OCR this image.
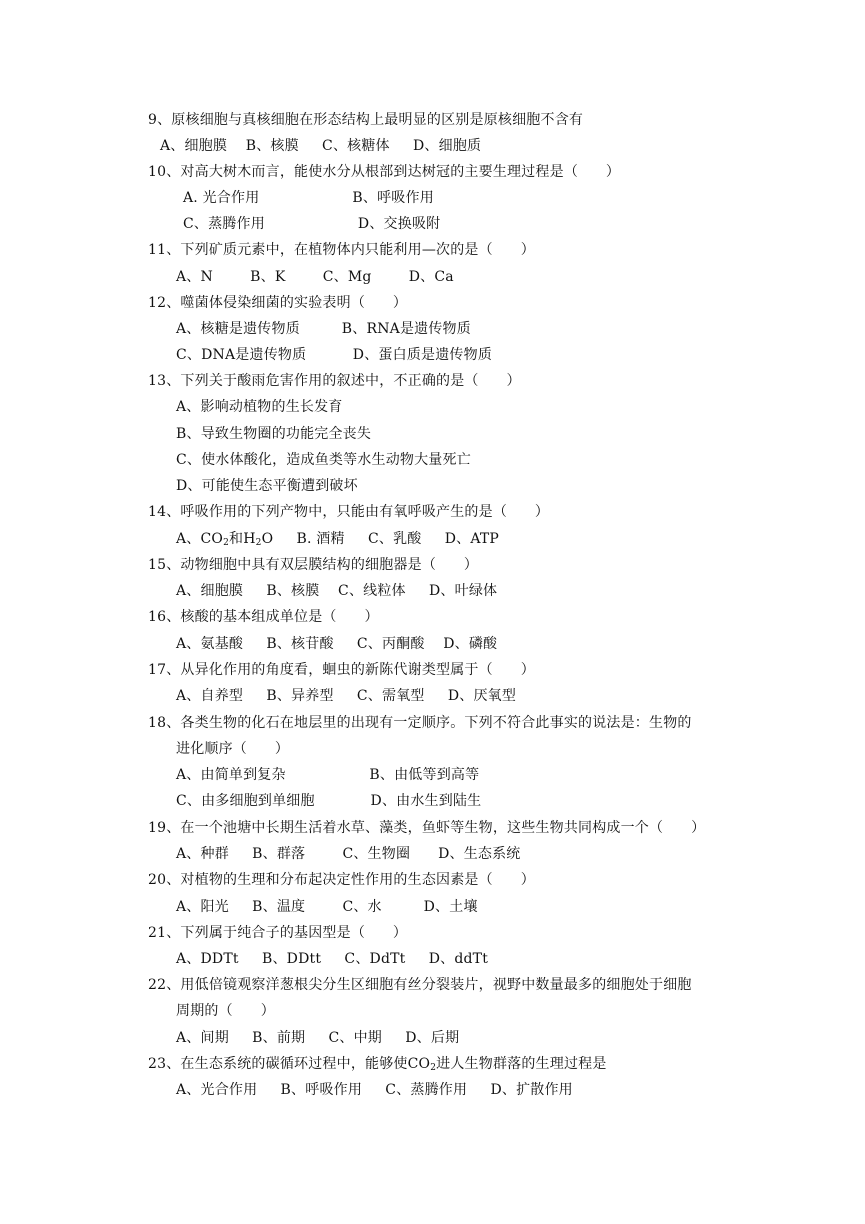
9、原核细胞与真核细胞在形态结构上最明显的区别是原核细胞不含有
A、细胞膜    B、核膜     C、核糖体     D、细胞质
10、对高大树木而言，能使水分从根部到达树冠的主要生理过程是（      ）
A. 光合作用                    B、呼吸作用
C、蒸腾作用                    D、交换吸附
11、下列矿质元素中，在植物体内只能利用—次的是（      ）
A、N        B、K        C、Mg        D、Ca
12、噬菌体侵染细菌的实验表明（      ）
A、核糖是遗传物质         B、RNA是遗传物质
C、DNA是遗传物质          D、蛋白质是遗传物质
13、下列关于酸雨危害作用的叙述中，不正确的是（      ）
A、影响动植物的生长发育
B、导致生物圈的功能完全丧失
C、使水体酸化，造成鱼类等水生动物大量死亡
D、可能使生态平衡遭到破坏
14、呼吸作用的下列产物中，只能由有氧呼吸产生的是（      ）
A、$CO_2$和$H_2O$     B. 酒精     C、乳酸     D、ATP
15、动物细胞中具有双层膜结构的细胞器是（      ）
A、细胞膜     B、核膜    C、线粒体     D、叶绿体
16、核酸的基本组成单位是（      ）
A、氨基酸     B、核苷酸     C、丙酮酸    D、磷酸
17、从异化作用的角度看，蛔虫的新陈代谢类型属于（      ）
A、自养型     B、异养型     C、需氧型     D、厌氧型
18、各类生物的化石在地层里的出现有一定顺序。下列不符合此事实的说法是：生物的
进化顺序（      ）
A、由简单到复杂                  B、由低等到高等
C、由多细胞到单细胞            D、由水生到陆生
19、在一个池塘中长期生活着水草、藻类，鱼虾等生物，这些生物共同构成一个（      ）
A、种群     B、群落        C、生物圈      D、生态系统
20、对植物的生理和分布起决定性作用的生态因素是（      ）
A、阳光     B、温度        C、水         D、土壤
21、下列属于纯合子的基因型是（      ）
A、DDTt     B、DDtt     C、DdTt     D、ddTt
22、用低倍镜观察洋葱根尖分生区细胞有丝分裂装片，视野中数量最多的细胞处于细胞
周期的（      ）
A、间期     B、前期     C、中期     D、后期
23、在生态系统的碳循环过程中，能够使$CO_2$进人生物群落的生理过程是
A、光合作用     B、呼吸作用     C、蒸腾作用     D、扩散作用
